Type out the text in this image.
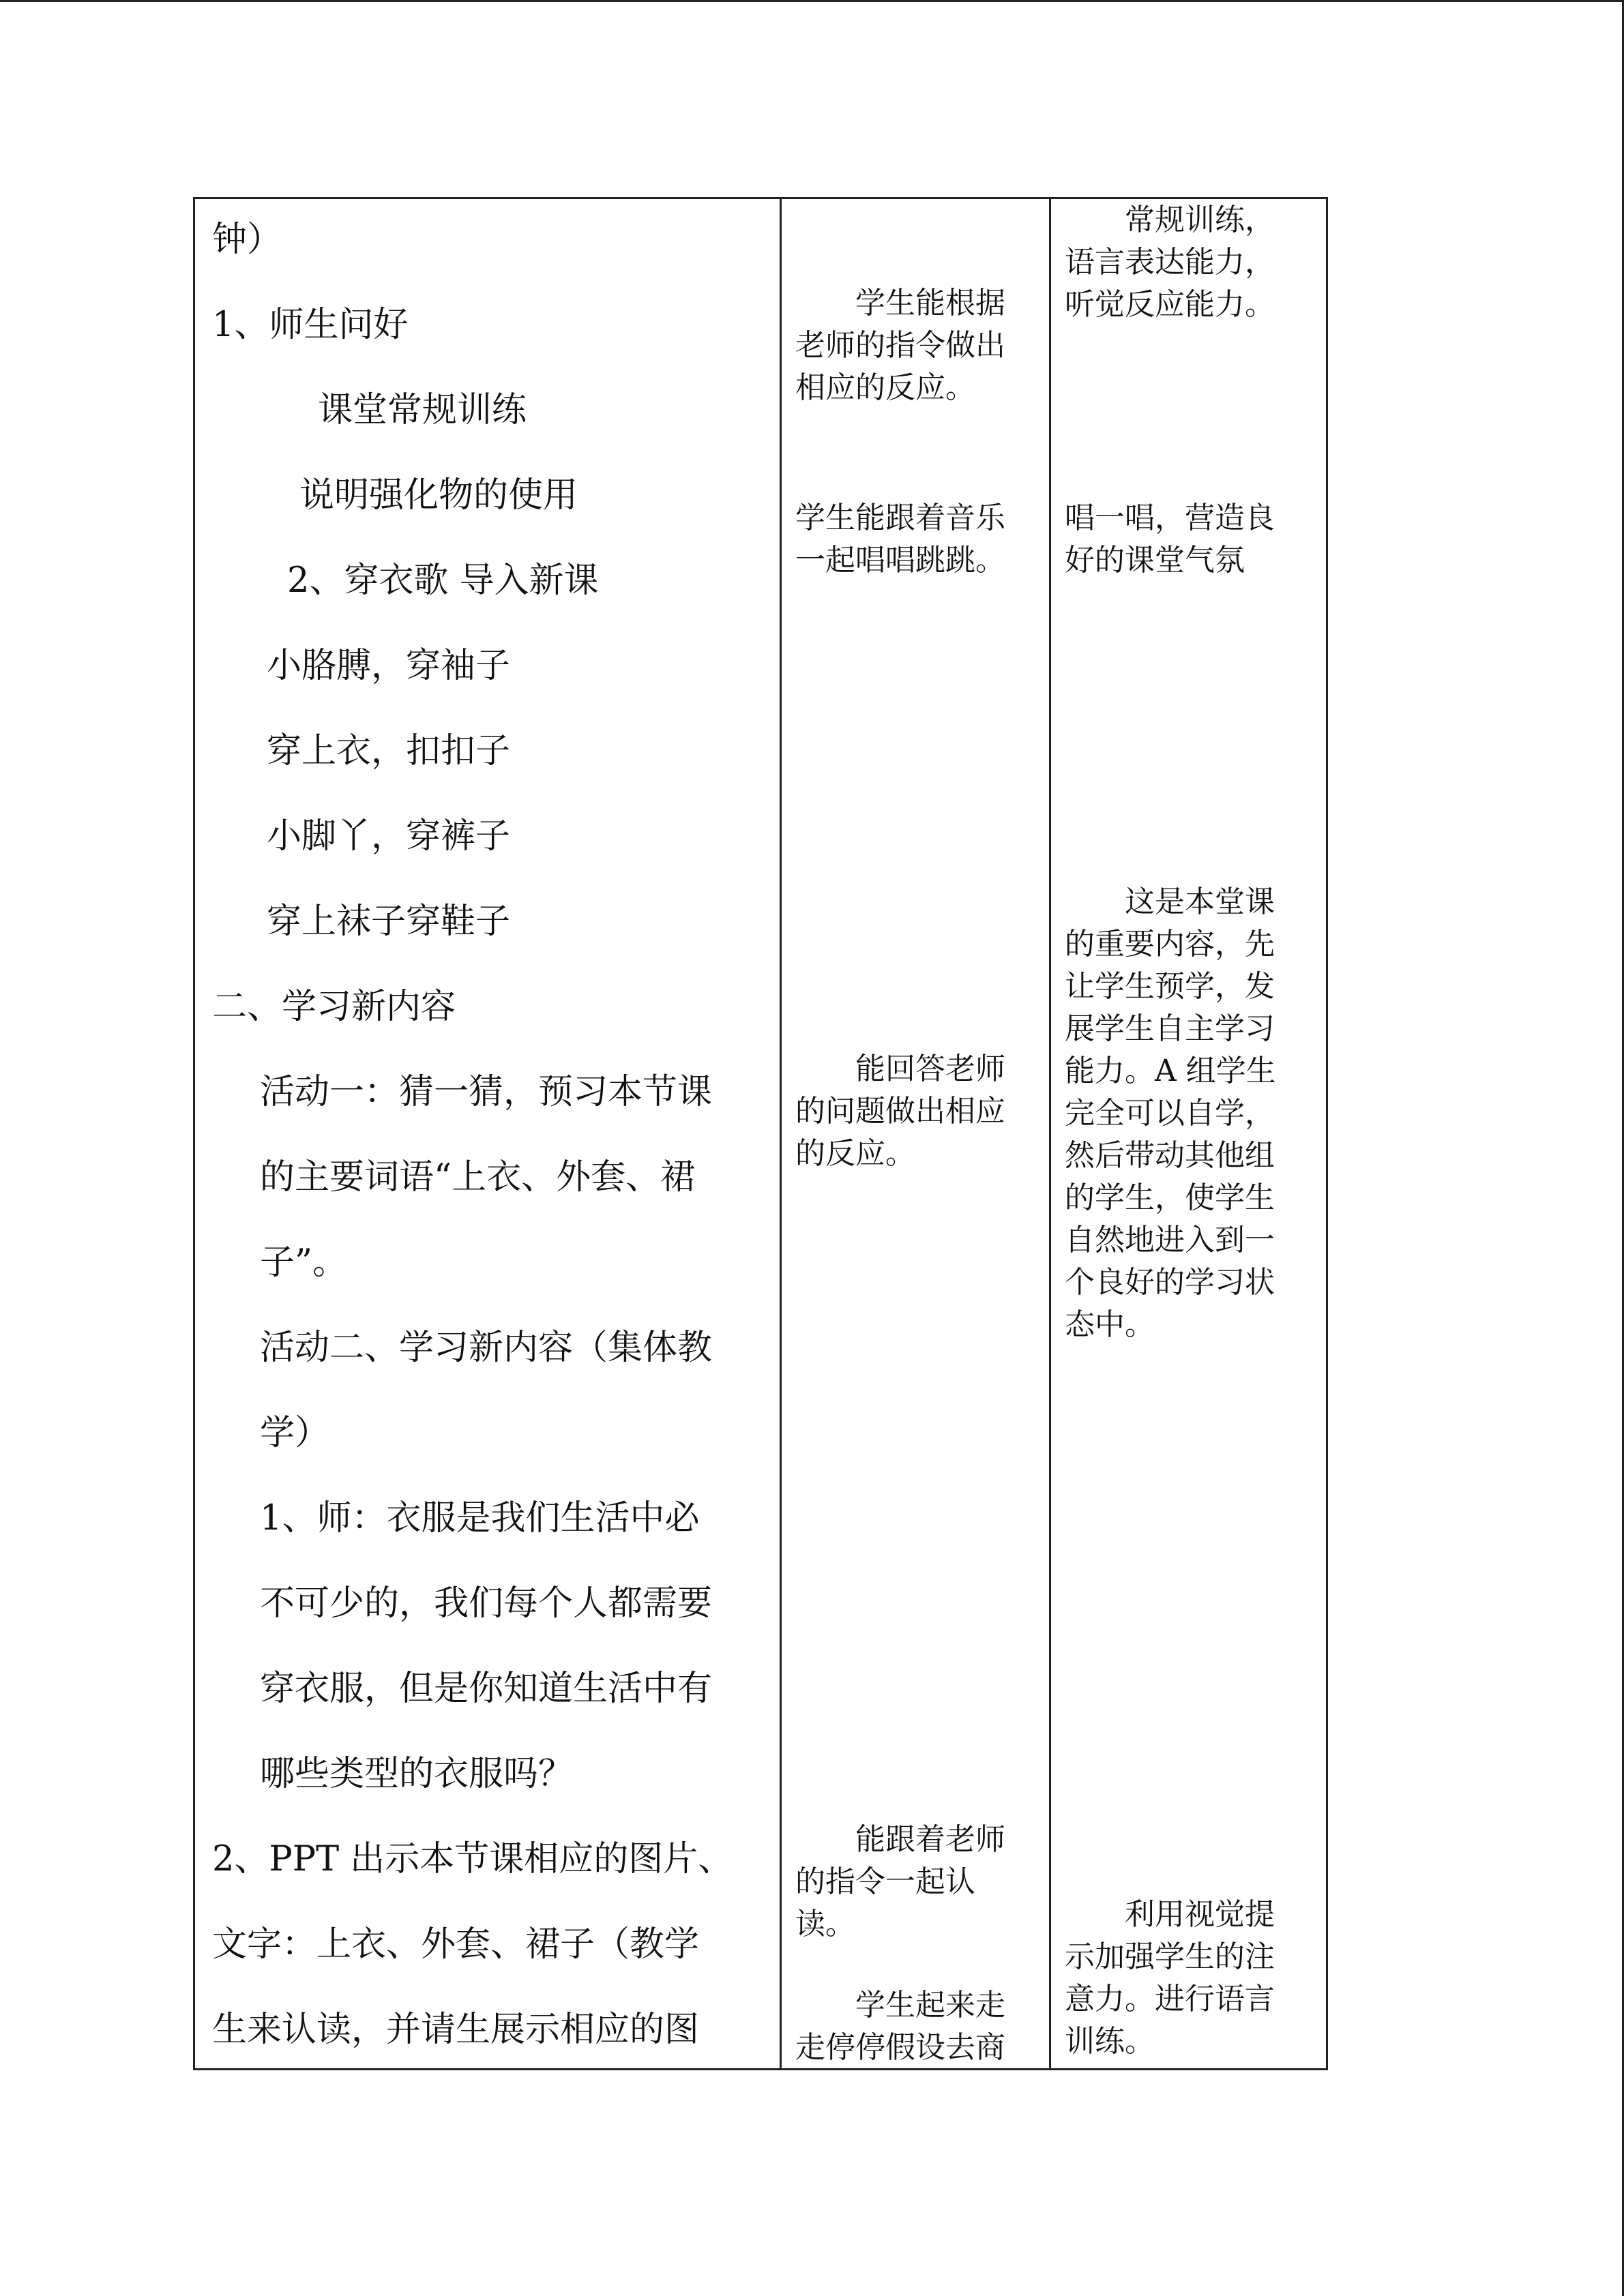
钟）
1、师生问好
课堂常规训练
说明强化物的使用
2、穿衣歌 导入新课
小胳膊，穿袖子
穿上衣，扣扣子
小脚丫，穿裤子
穿上袜子穿鞋子
二、学习新内容
活动一：猜一猜，预习本节课
的主要词语“上衣、外套、裙
子”。
活动二、学习新内容（集体教
学）
1、师：衣服是我们生活中必
不可少的，我们每个人都需要
穿衣服，但是你知道生活中有
哪些类型的衣服吗？
2、PPT 出示本节课相应的图片、
文字：上衣、外套、裙子（教学
生来认读，并请生展示相应的图
　　学生能根据
老师的指令做出
相应的反应。
学生能跟着音乐
一起唱唱跳跳。
　　能回答老师
的问题做出相应
的反应。
　　能跟着老师
的指令一起认
读。
　　学生起来走
走停停假设去商
　　常规训练，
语言表达能力，
听觉反应能力。
唱一唱，营造良
好的课堂气氛
　　这是本堂课
的重要内容，先
让学生预学，发
展学生自主学习
能力。A 组学生
完全可以自学，
然后带动其他组
的学生，使学生
自然地进入到一
个良好的学习状
态中。
　　利用视觉提
示加强学生的注
意力。进行语言
训练。
